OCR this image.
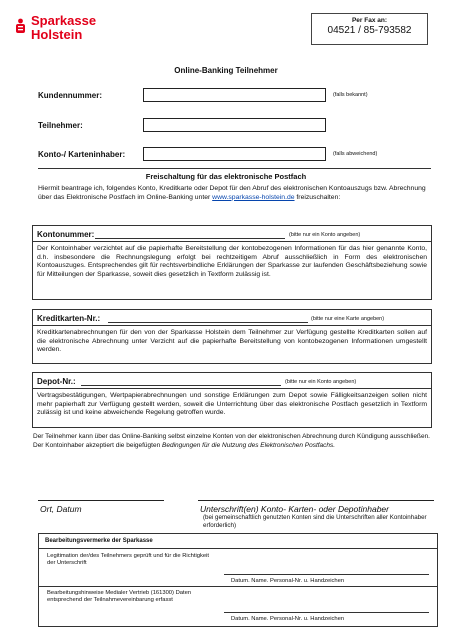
Sparkasse
Holstein
Per Fax an:
04521 / 85-793582
Online-Banking Teilnehmer
Kundennummer:	(falls bekannt)
Teilnehmer:
Konto-/ Karteninhaber:	(falls abweichend)
Freischaltung für das elektronische Postfach
Hiermit beantrage ich, folgendes Konto, Kreditkarte oder Depot für den Abruf des elektronischen Kontoauszugs bzw. Abrechnung über das Elektronische Postfach im Online-Banking unter www.sparkasse-holstein.de freizuschalten:
Kontonummer:	(bitte nur ein Konto angeben)
Der Kontoinhaber verzichtet auf die papierhafte Bereitstellung der kontobezogenen Informationen für das hier genannte Konto, d.h. insbesondere die Rechnungslegung erfolgt bei rechtzeitigem Abruf ausschließlich in Form des elektronischen Kontoauszuges. Entsprechendes gilt für rechtsverbindliche Erklärungen der Sparkasse zur laufenden Geschäftsbeziehung sowie für Mitteilungen der Sparkasse, soweit dies gesetzlich in Textform zulässig ist.
Kreditkarten-Nr.:	(bitte nur eine Karte angeben)
Kreditkartenabrechnungen für den von der Sparkasse Holstein dem Teilnehmer zur Verfügung gestellte Kreditkarten sollen auf die elektronische Abrechnung unter Verzicht auf die papierhafte Bereitstellung von kontobezogenen Informationen umgestellt werden.
Depot-Nr.:	(bitte nur ein Konto angeben)
Vertragsbestätigungen, Wertpapierabrechnungen und sonstige Erklärungen zum Depot sowie Fälligkeitsanzeigen sollen nicht mehr papierhaft zur Verfügung gestellt werden, soweit die Unterrichtung über das elektronische Postfach gesetzlich in Textform zulässig ist und keine abweichende Regelung getroffen wurde.
Der Teilnehmer kann über das Online-Banking selbst einzelne Konten von der elektronischen Abrechnung durch Kündigung ausschließen.
Der Kontoinhaber akzeptiert die beigefügten Bedingungen für die Nutzung des Elektronischen Postfachs.
Ort, Datum	Unterschrift(en) Konto- Karten- oder Depotinhaber
(bei gemeinschaftlich genutzten Konten sind die Unterschriften aller Kontoinhaber erforderlich)
Bearbeitungsvermerke der Sparkasse
Legitimation der/des Teilnehmers geprüft und für die Richtigkeit der Unterschrift
Datum. Name. Personal-Nr. u. Handzeichen
Bearbeitungshinweise Medialer Vertrieb (161300) Daten entsprechend der Teilnahmevereinbarung erfasst
Datum. Name. Personal-Nr. u. Handzeichen
